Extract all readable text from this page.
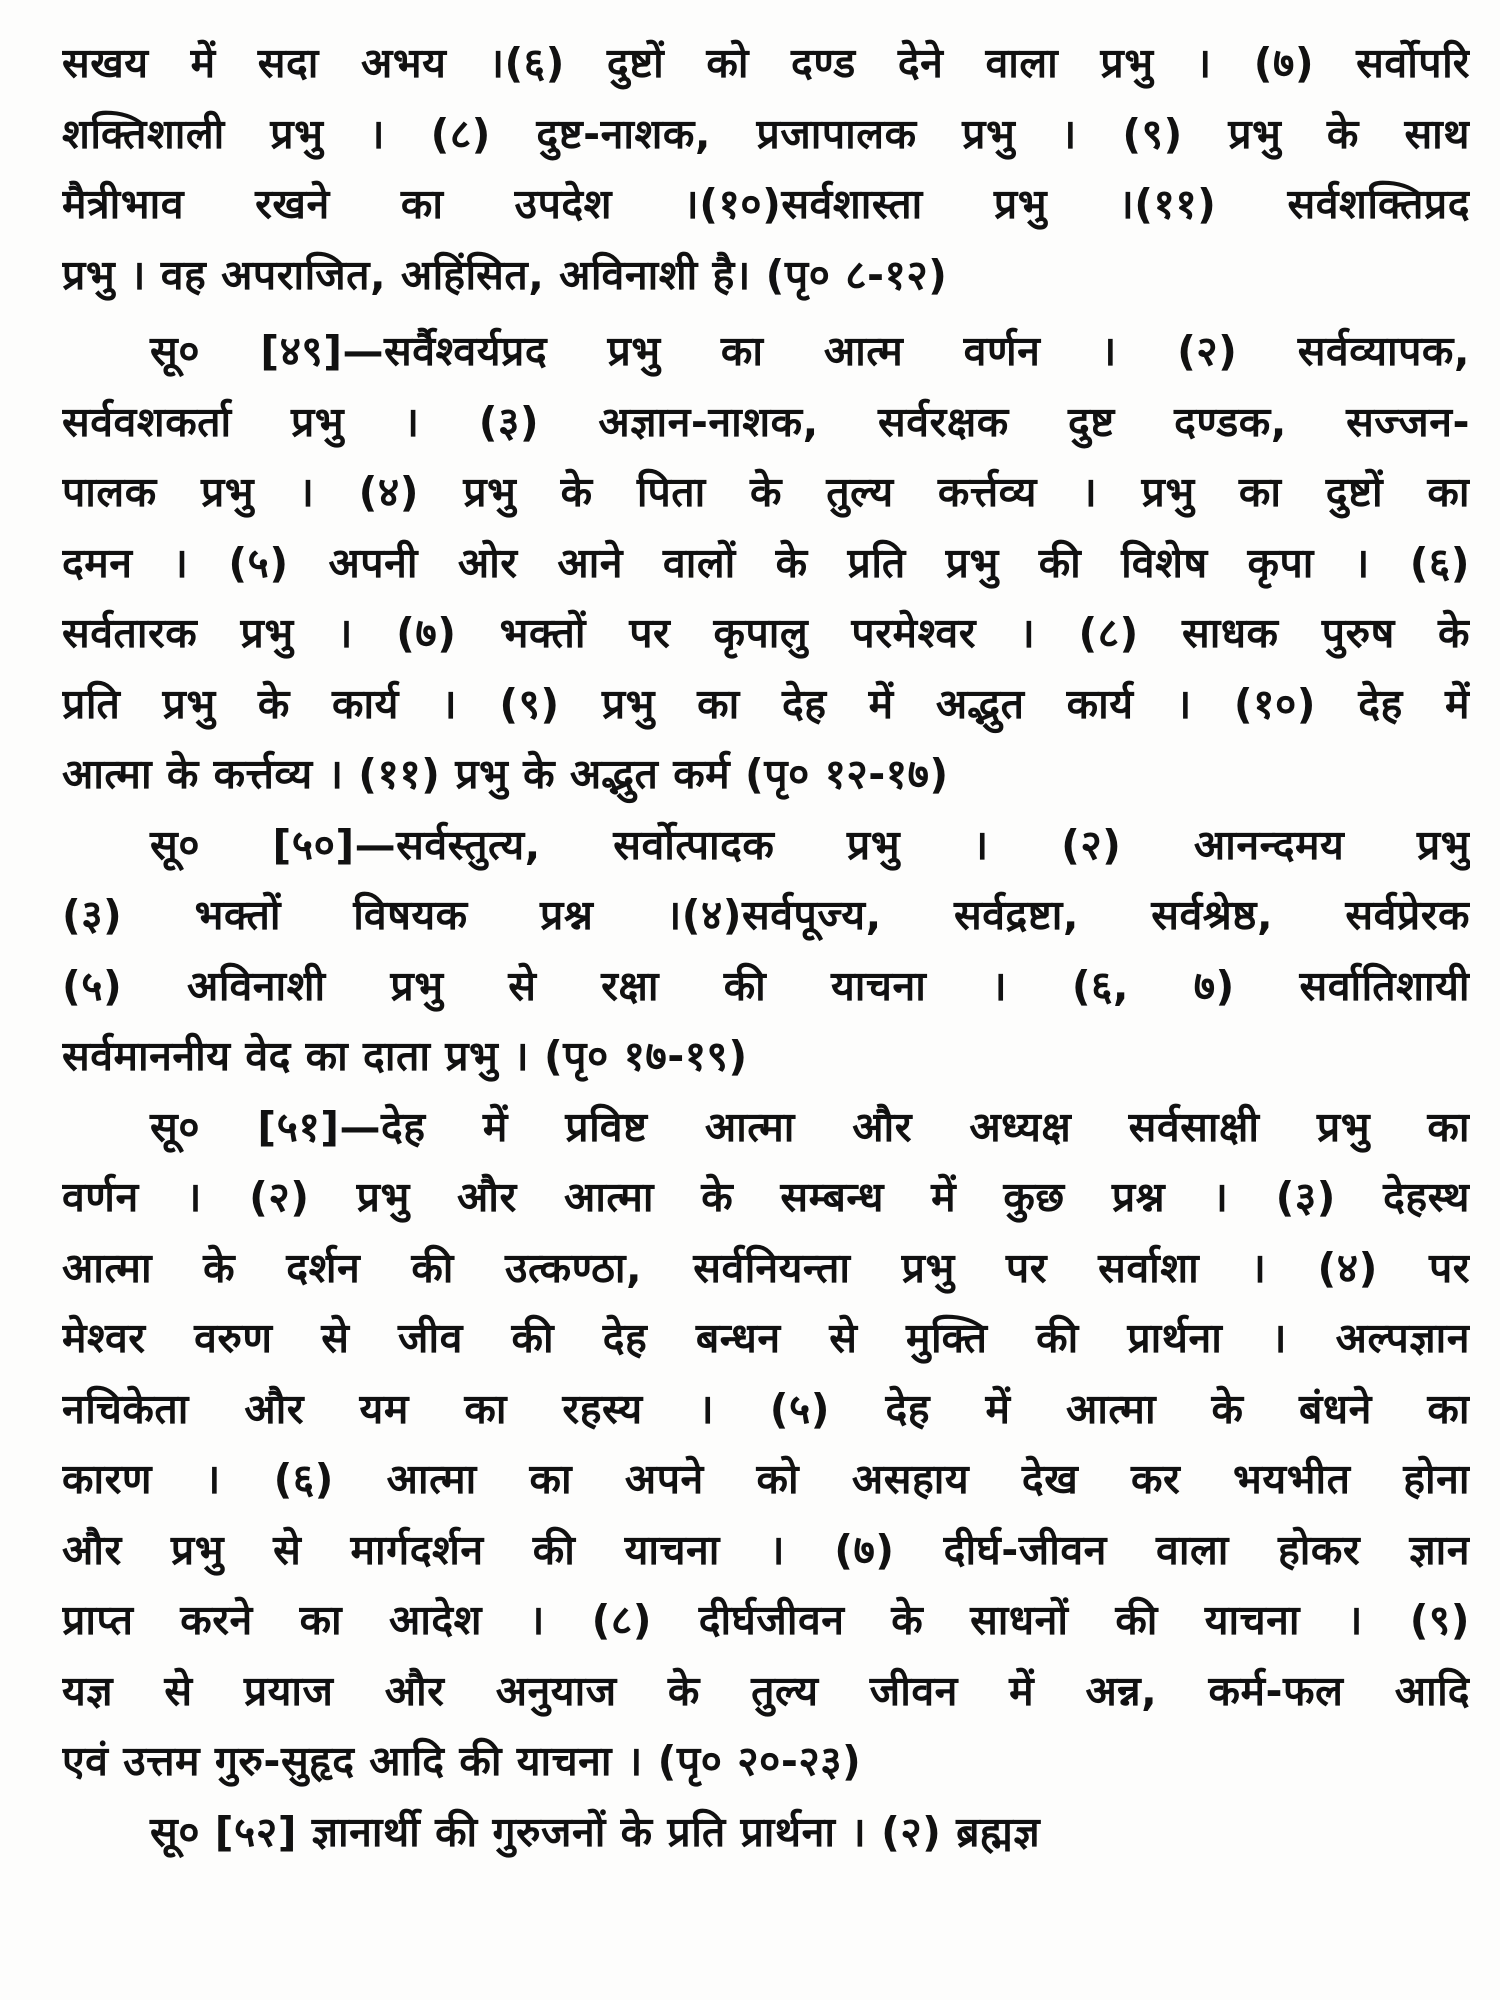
सखय में सदा अभय ।(६) दुष्टों को दण्ड देने वाला प्रभु । (७) सर्वोपरि
शक्तिशाली प्रभु । (८) दुष्ट-नाशक, प्रजापालक प्रभु । (९) प्रभु के साथ
मैत्रीभाव रखने का उपदेश ।(१०)सर्वशास्ता प्रभु ।(११) सर्वशक्तिप्रद
प्रभु । वह अपराजित, अहिंसित, अविनाशी है। (पृ० ८-१२)
सू० [४९]—सर्वैश्वर्यप्रद प्रभु का आत्म वर्णन । (२) सर्वव्यापक,
सर्ववशकर्ता प्रभु । (३) अज्ञान-नाशक, सर्वरक्षक दुष्ट दण्डक, सज्जन-
पालक प्रभु । (४) प्रभु के पिता के तुल्य कर्त्तव्य । प्रभु का दुष्टों का
दमन । (५) अपनी ओर आने वालों के प्रति प्रभु की विशेष कृपा । (६)
सर्वतारक प्रभु । (७) भक्तों पर कृपालु परमेश्वर । (८) साधक पुरुष के
प्रति प्रभु के कार्य । (९) प्रभु का देह में अद्भुत कार्य । (१०) देह में
आत्मा के कर्त्तव्य । (११) प्रभु के अद्भुत कर्म (पृ० १२-१७)
सू० [५०]—सर्वस्तुत्य, सर्वोत्पादक प्रभु । (२) आनन्दमय प्रभु
(३) भक्तों विषयक प्रश्न ।(४)सर्वपूज्य, सर्वद्रष्टा, सर्वश्रेष्ठ, सर्वप्रेरक
(५) अविनाशी प्रभु से रक्षा की याचना । (६, ७) सर्वातिशायी
सर्वमाननीय वेद का दाता प्रभु । (पृ० १७-१९)
सू० [५१]—देह में प्रविष्ट आत्मा और अध्यक्ष सर्वसाक्षी प्रभु का
वर्णन । (२) प्रभु और आत्मा के सम्बन्ध में कुछ प्रश्न । (३) देहस्थ
आत्मा के दर्शन की उत्कण्ठा, सर्वनियन्ता प्रभु पर सर्वाशा । (४) पर
मेश्वर वरुण से जीव की देह बन्धन से मुक्ति की प्रार्थना । अल्पज्ञान
नचिकेता और यम का रहस्य । (५) देह में आत्मा के बंधने का
कारण । (६) आत्मा का अपने को असहाय देख कर भयभीत होना
और प्रभु से मार्गदर्शन की याचना । (७) दीर्घ-जीवन वाला होकर ज्ञान
प्राप्त करने का आदेश । (८) दीर्घजीवन के साधनों की याचना । (९)
यज्ञ से प्रयाज और अनुयाज के तुल्य जीवन में अन्न, कर्म-फल आदि
एवं उत्तम गुरु-सुहृद आदि की याचना । (पृ० २०-२३)
सू० [५२] ज्ञानार्थी की गुरुजनों के प्रति प्रार्थना । (२) ब्रह्मज्ञ
